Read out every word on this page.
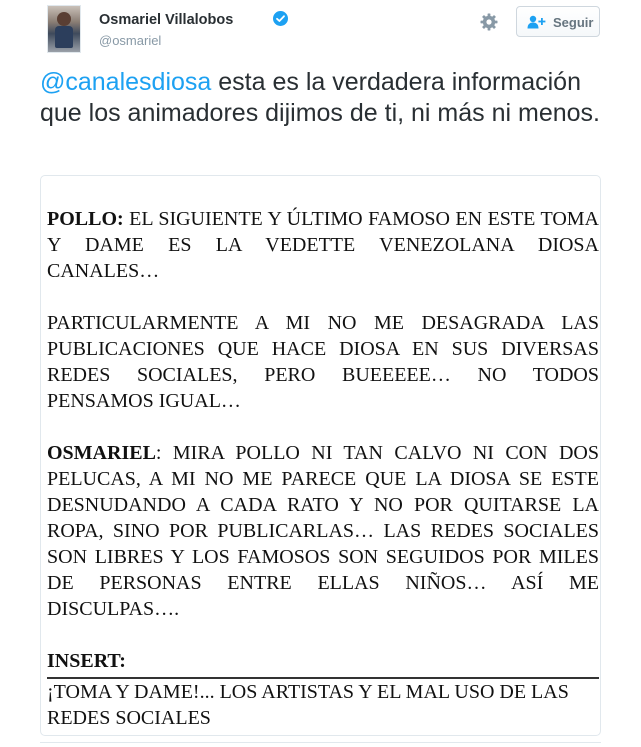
Osmariel Villalobos
@osmariel
Seguir
@canalesdiosa esta es la verdadera información que los animadores dijimos de ti, ni más ni menos.

POLLO: EL SIGUIENTE Y ÚLTIMO FAMOSO EN ESTE TOMA Y DAME ES LA VEDETTE VENEZOLANA DIOSA CANALES…

PARTICULARMENTE A MI NO ME DESAGRADA LAS PUBLICACIONES QUE HACE DIOSA EN SUS DIVERSAS REDES SOCIALES, PERO BUEEEEE… NO TODOS PENSAMOS IGUAL…

OSMARIEL: MIRA POLLO NI TAN CALVO NI CON DOS PELUCAS, A MI NO ME PARECE QUE LA DIOSA SE ESTE DESNUDANDO A CADA RATO Y NO POR QUITARSE LA ROPA, SINO POR PUBLICARLAS… LAS REDES SOCIALES SON LIBRES Y LOS FAMOSOS SON SEGUIDOS POR MILES DE PERSONAS ENTRE ELLAS NIÑOS… ASÍ ME DISCULPAS….

INSERT:
¡TOMA Y DAME!... LOS ARTISTAS Y EL MAL USO DE LAS REDES SOCIALES
